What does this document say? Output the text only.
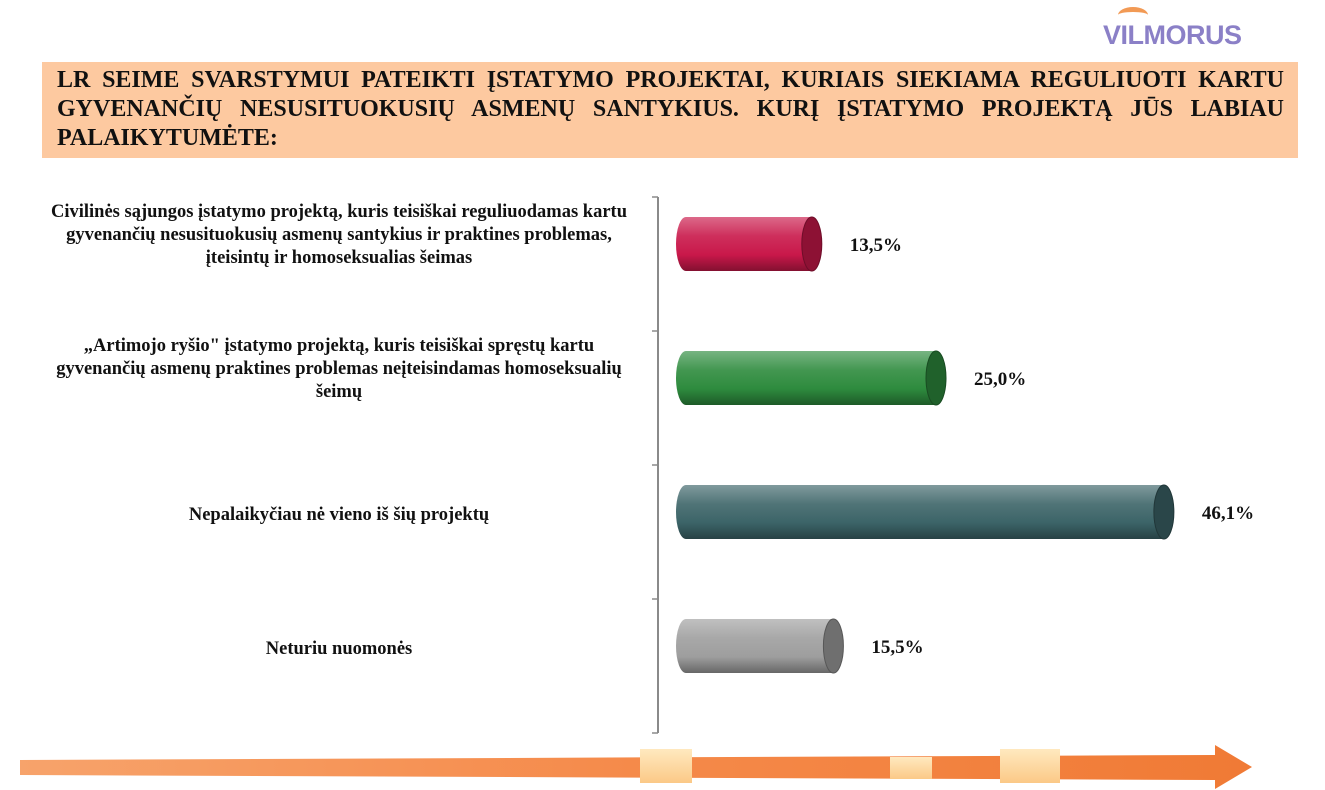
VILMORUS
LR SEIME SVARSTYMUI PATEIKTI ĮSTATYMO PROJEKTAI, KURIAIS SIEKIAMA REGULIUOTI KARTU GYVENANČIŲ NESUSITUOKUSIŲ ASMENŲ SANTYKIUS. KURĮ ĮSTATYMO PROJEKTĄ JŪS LABIAU PALAIKYTUMĖTE:
13,5%
25,0%
46,1%
15,5%
Civilinės sąjungos įstatymo projektą, kuris teisiškai reguliuodamas kartu gyvenančių nesusituokusių asmenų santykius ir praktines problemas, įteisintų ir homoseksualias šeimas
„Artimojo ryšio" įstatymo projektą, kuris teisiškai spręstų kartu gyvenančių asmenų praktines problemas neįteisindamas homoseksualių šeimų
Nepalaikyčiau nė vieno iš šių projektų
Neturiu nuomonės
